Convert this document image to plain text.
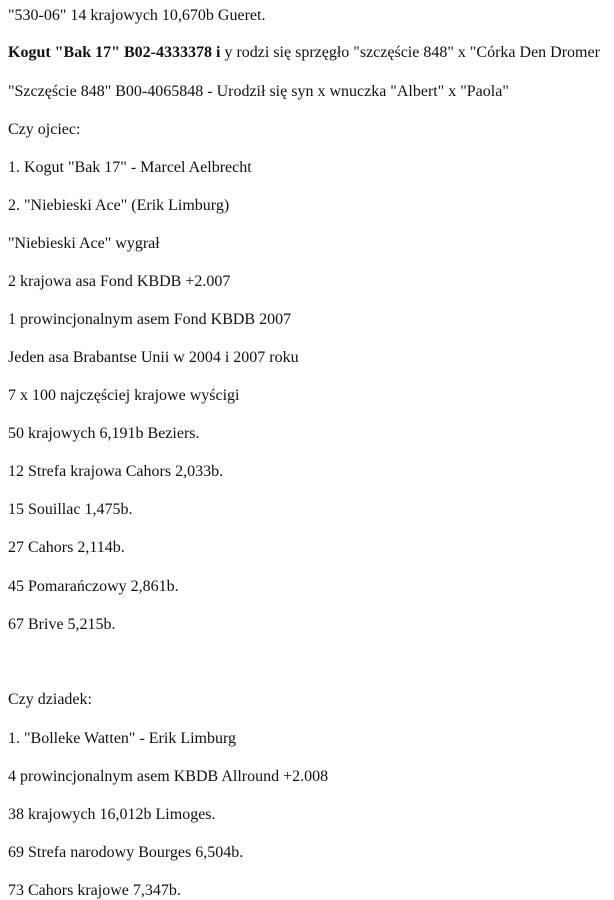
"530-06" 14 krajowych 10,670b Gueret.
Kogut "Bak 17" B02-4333378 i y rodzi się sprzęgło "szczęście 848" x "Córka Den Dromer
"Szczęście 848" B00-4065848 - Urodził się syn x wnuczka "Albert" x "Paola"
Czy ojciec:
1. Kogut "Bak 17" - Marcel Aelbrecht
2. "Niebieski Ace" (Erik Limburg)
"Niebieski Ace" wygrał
2 krajowa asa Fond KBDB +2.007
1 prowincjonalnym asem Fond KBDB 2007
Jeden asa Brabantse Unii w 2004 i 2007 roku
7 x 100 najczęściej krajowe wyścigi
50 krajowych 6,191b Beziers.
12 Strefa krajowa Cahors 2,033b.
15 Souillac 1,475b.
27 Cahors 2,114b.
45 Pomarańczowy 2,861b.
67 Brive 5,215b.
Czy dziadek:
1. "Bolleke Watten" - Erik Limburg
4 prowincjonalnym asem KBDB Allround +2.008
38 krajowych 16,012b Limoges.
69 Strefa narodowy Bourges 6,504b.
73 Cahors krajowe 7,347b.
